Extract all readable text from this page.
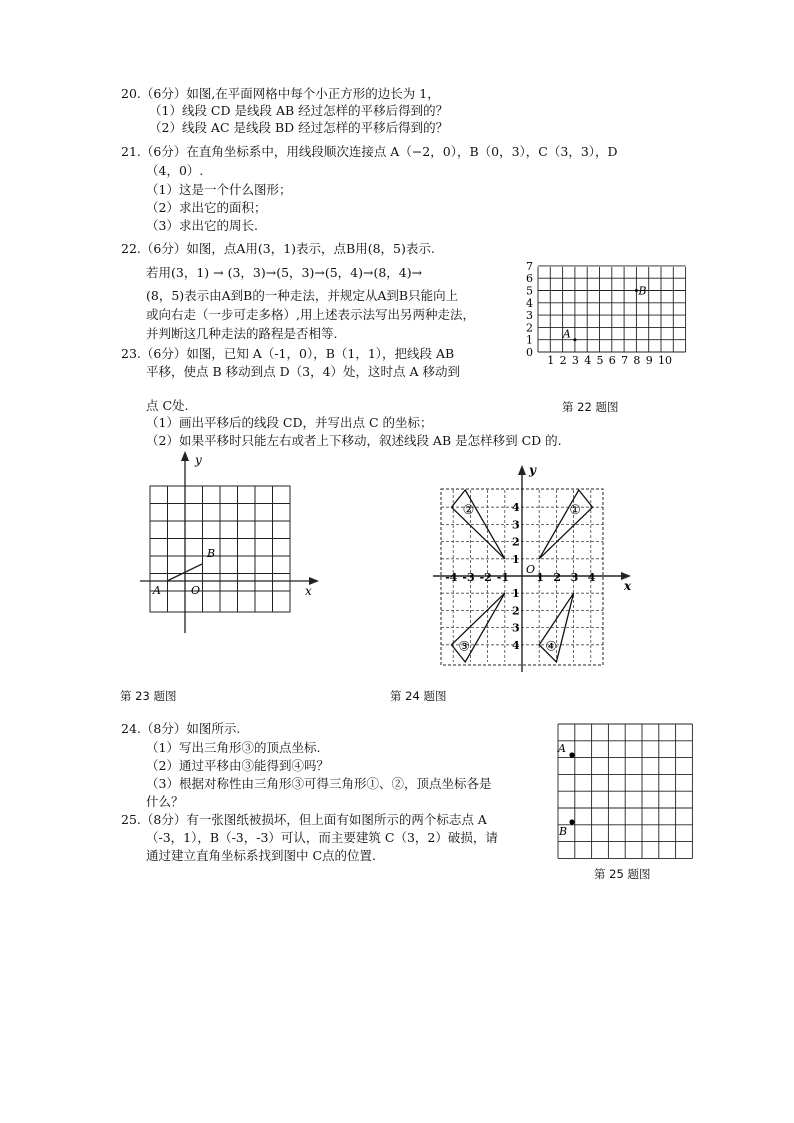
20.（6分）如图,在平面网格中每个小正方形的边长为 1，
（1）线段 CD 是线段 AB 经过怎样的平移后得到的？
（2）线段 AC 是线段 BD 经过怎样的平移后得到的？
21.（6分）在直角坐标系中，用线段顺次连接点 A（−2，0），B（0，3），C（3，3），D
（4，0）.
（1）这是一个什么图形；
（2）求出它的面积；
（3）求出它的周长.
22.（6分）如图，点A用(3，1)表示，点B用(8，5)表示.
若用(3，1) → (3，3)→(5，3)→(5，4)→(8，4)→
(8，5)表示由A到B的一种走法，并规定从A到B只能向上
或向右走（一步可走多格）,用上述表示法写出另两种走法，
并判断这几种走法的路程是否相等.
0
1
2
3
4
5
6
7
1 2 3 4 5 6 7 8 9 10
A
B
第 22 题图
23.（6分）如图，已知 A（-1，0），B（1，1），把线段 AB
平移，使点 B 移动到点 D（3，4）处，这时点 A 移动到
点 C处.
（1）画出平移后的线段 CD，并写出点 C 的坐标；
（2）如果平移时只能左右或者上下移动，叙述线段 AB 是怎样移到 CD 的.
x
y
O
A
B
第 23 题图
x
y
O
-4 -3 -2 -1 1 2 3 4
1
2
3
4
1
2
3
4
①
②
③	④
第 24 题图
24.（8分）如图所示.
（1）写出三角形③的顶点坐标.
（2）通过平移由③能得到④吗？
（3）根据对称性由三角形③可得三角形①、②，顶点坐标各是
什么？
25.（8分）有一张图纸被损坏，但上面有如图所示的两个标志点 A
（-3，1），B（-3，-3）可认，而主要建筑 C（3，2）破损，请
通过建立直角坐标系找到图中 C点的位置.
A
B
第 25 题图
